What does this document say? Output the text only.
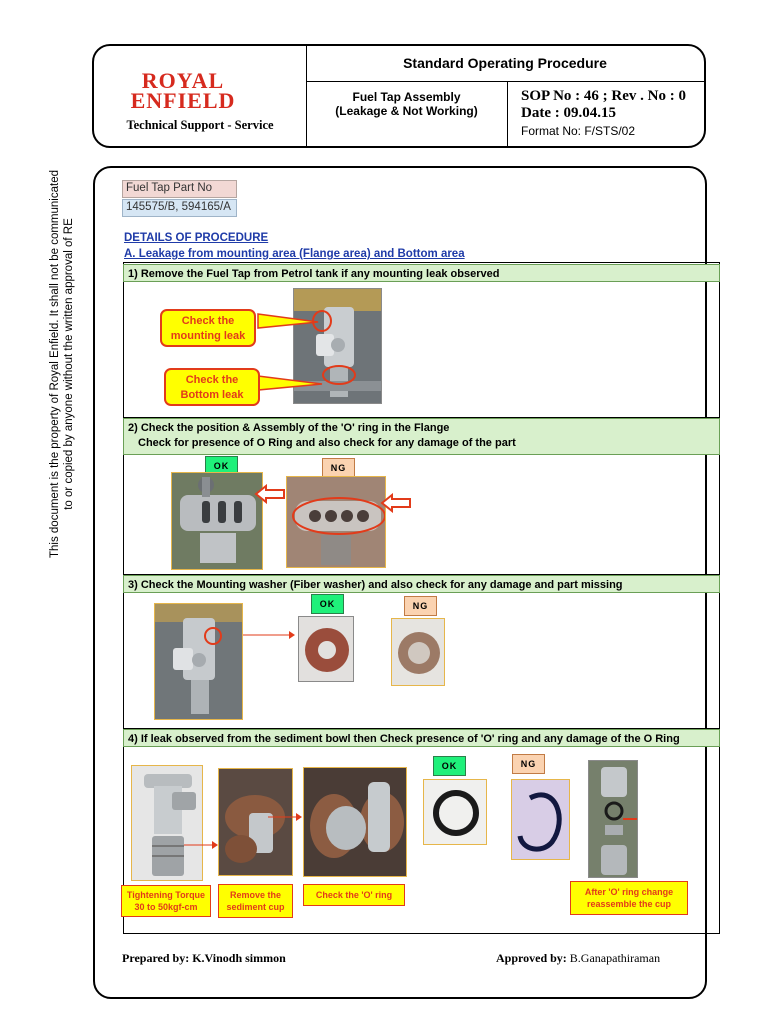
ROYAL
ENFIELD
Technical Support - Service
Standard Operating Procedure
Fuel Tap Assembly
(Leakage & Not Working)
SOP No : 46 ; Rev . No : 0
Date : 09.04.15
Format No: F/STS/02
This document is the property of Royal Enfield. It shall not be communicated to or copied by anyone without the written approval of RE
Fuel Tap Part No
145575/B, 594165/A
DETAILS OF PROCEDURE
A. Leakage from mounting area (Flange area) and Bottom area
1) Remove the Fuel Tap from Petrol tank if any mounting leak observed
Check the
mounting leak
Check the
Bottom leak
2) Check the position & Assembly of the 'O' ring in the Flange
Check for presence of O Ring and also check for any damage of the part
OK	NG
3) Check the Mounting washer (Fiber washer) and also check for any damage and part missing
OK	NG
4) If leak observed from the sediment bowl then Check presence of 'O' ring and any damage of the O Ring
OK	NG
Tightening Torque
30 to 50kgf-cm
Remove the
sediment cup
Check the 'O' ring	After 'O' ring change
reassemble the cup
Prepared by: K.Vinodh simmon	Approved by: B.Ganapathiraman
